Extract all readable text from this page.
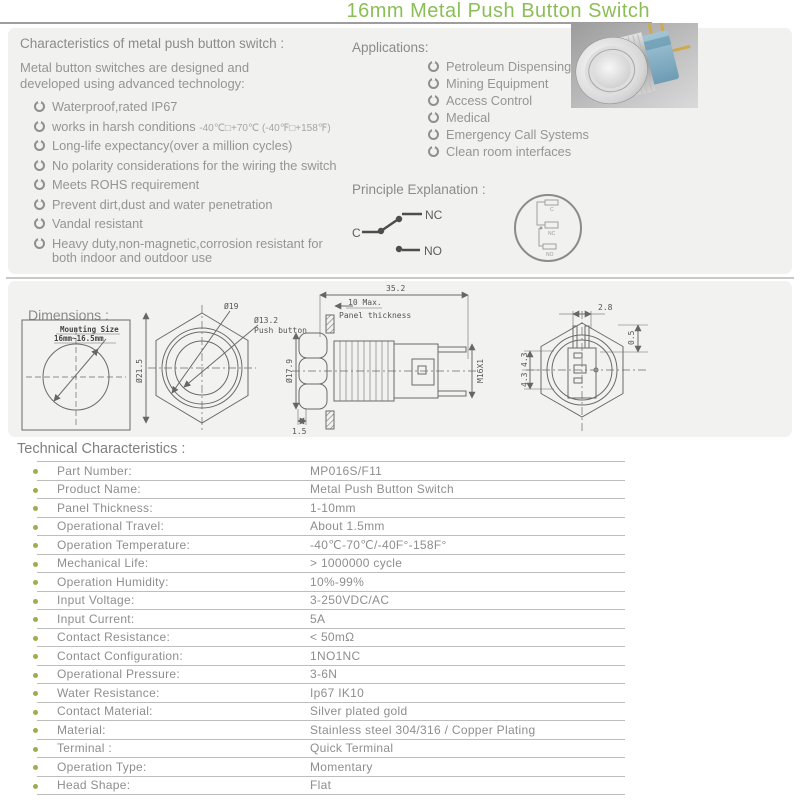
16mm Metal Push Button Switch
Characteristics of metal push button switch :
Metal button switches are designed and
developed using advanced technology:
Waterproof,rated IP67
works in harsh conditions -40℃□+70℃ (-40℉□+158℉)
Long-life expectancy(over a million cycles)
No polarity considerations for the wiring the switch
Meets ROHS requirement
Prevent dirt,dust and water penetration
Vandal resistant
Heavy duty,non-magnetic,corrosion resistant for both indoor and outdoor use
Applications:
Petroleum Dispensing
Mining Equipment
Access Control
Medical
Emergency Call Systems
Clean room interfaces
Principle Explanation :
C
NC
NO
C
NC
NO
Dimensions :
Mounting Size
16mm~16.5mm
Ø19
Ø13.2
Push button
Ø21.5
35.2
10 Max.
Panel thickness
Ø17.9	M16X1
1.5
2.8
0.5
4.3
4.3
Technical Characteristics :
Part Number:	MP016S/F11
Product Name:	Metal Push Button Switch
Panel Thickness:	1-10mm
Operational Travel:	About 1.5mm
Operation Temperature:	-40℃-70℃/-40F°-158F°
Mechanical Life:	> 1000000 cycle
Operation Humidity:	10%-99%
Input Voltage:	3-250VDC/AC
Input Current:	5A
Contact Resistance:	< 50mΩ
Contact Configuration:	1NO1NC
Operational Pressure:	3-6N
Water Resistance:	Ip67 IK10
Contact Material:	Silver plated gold
Material:	Stainless steel 304/316 / Copper Plating
Terminal :	Quick Terminal
Operation Type:	Momentary
Head Shape:	Flat
